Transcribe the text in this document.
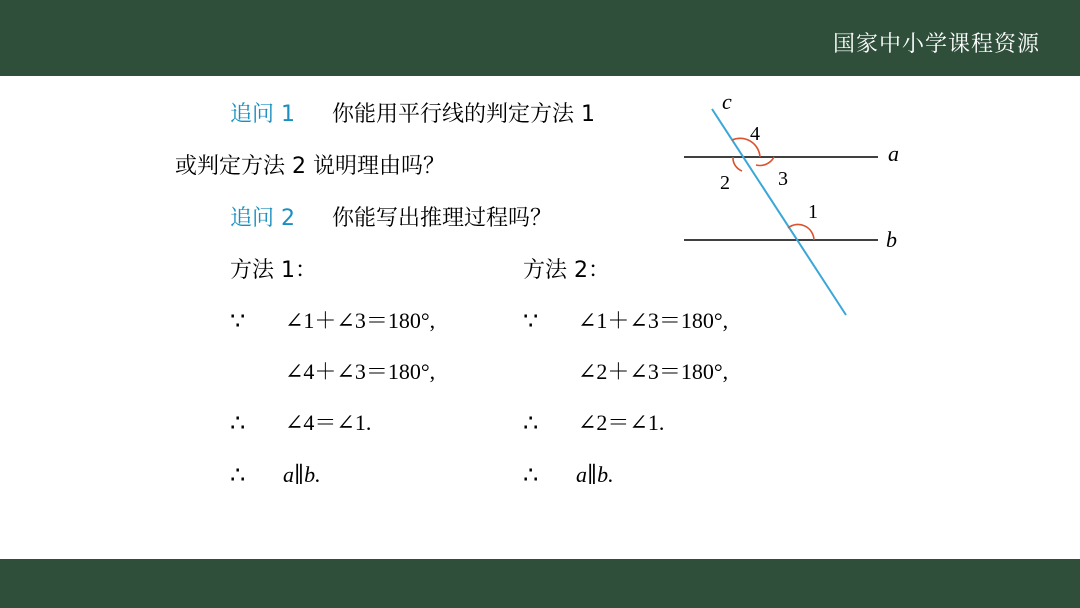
国家中小学课程资源
追问 1 你能用平行线的判定方法 1
或判定方法 2 说明理由吗？
追问 2 你能写出推理过程吗？
方法 1：
∵ ∠1＋∠3＝180°,
∠4＋∠3＝180°,
∴ ∠4＝∠1.
∴ a∥b.
方法 2：
∵ ∠1＋∠3＝180°,
∠2＋∠3＝180°,
∴ ∠2＝∠1.
∴ a∥b.
c
a
b
4
2 3
1
